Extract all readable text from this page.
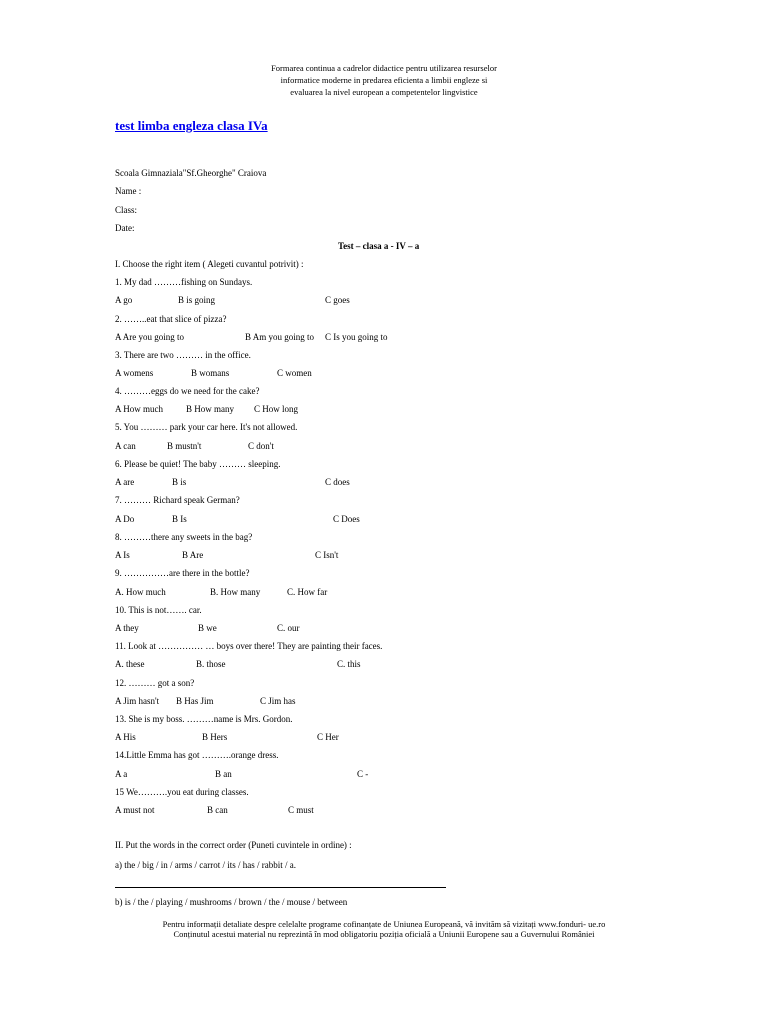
Formarea continua a cadrelor didactice pentru utilizarea resurselor
informatice moderne in predarea eficienta a limbii engleze si
evaluarea la nivel european a competentelor lingvistice
test limba engleza clasa IVa
Scoala Gimnaziala"Sf.Gheorghe" Craiova
Name :
Class:
Date:
Test – clasa a - IV – a
I. Choose the right item ( Alegeti cuvantul potrivit) :
1. My dad ………fishing on Sundays.
A go	B is going	C goes
2. ……..eat that slice of pizza?
A Are you going to	B Am you going to C Is you going to
3. There are two ……… in the office.
A womens	B womans	C women
4. ………eggs do we need for the cake?
A How much	B How many C How long
5. You ……… park your car here. It's not allowed.
A can	B mustn't	C don't
6. Please be quiet! The baby ……… sleeping.
A are	B is	C does
7. ……… Richard speak German?
A Do	B Is	C Does
8. ………there any sweets in the bag?
A Is	B Are	C Isn't
9. ……………are there in the bottle?
A. How much	B. How many	C. How far
10. This is not……. car.
A they	B we	C. our
11. Look at …………… … boys over there! They are painting their faces.
A. these	B. those	C. this
12. ……… got a son?
A Jim hasn't B Has Jim	C Jim has
13. She is my boss. ………name is Mrs. Gordon.
A His	B Hers	C Her
14.Little Emma has got ……….orange dress.
A a	B an	C -
15 We……….you eat during classes.
A must not	B can	C must
II. Put the words in the correct order (Puneti cuvintele in ordine) :
a) the / big / in / arms / carrot / its / has / rabbit / a.
b) is / the / playing / mushrooms / brown / the / mouse / between
Pentru informații detaliate despre celelalte programe cofinanțate de Uniunea Europeană, vă invităm să vizitați www.fonduri- ue.ro
Conținutul acestui material nu reprezintă în mod obligatoriu poziția oficială a Uniunii Europene sau a Guvernului României
